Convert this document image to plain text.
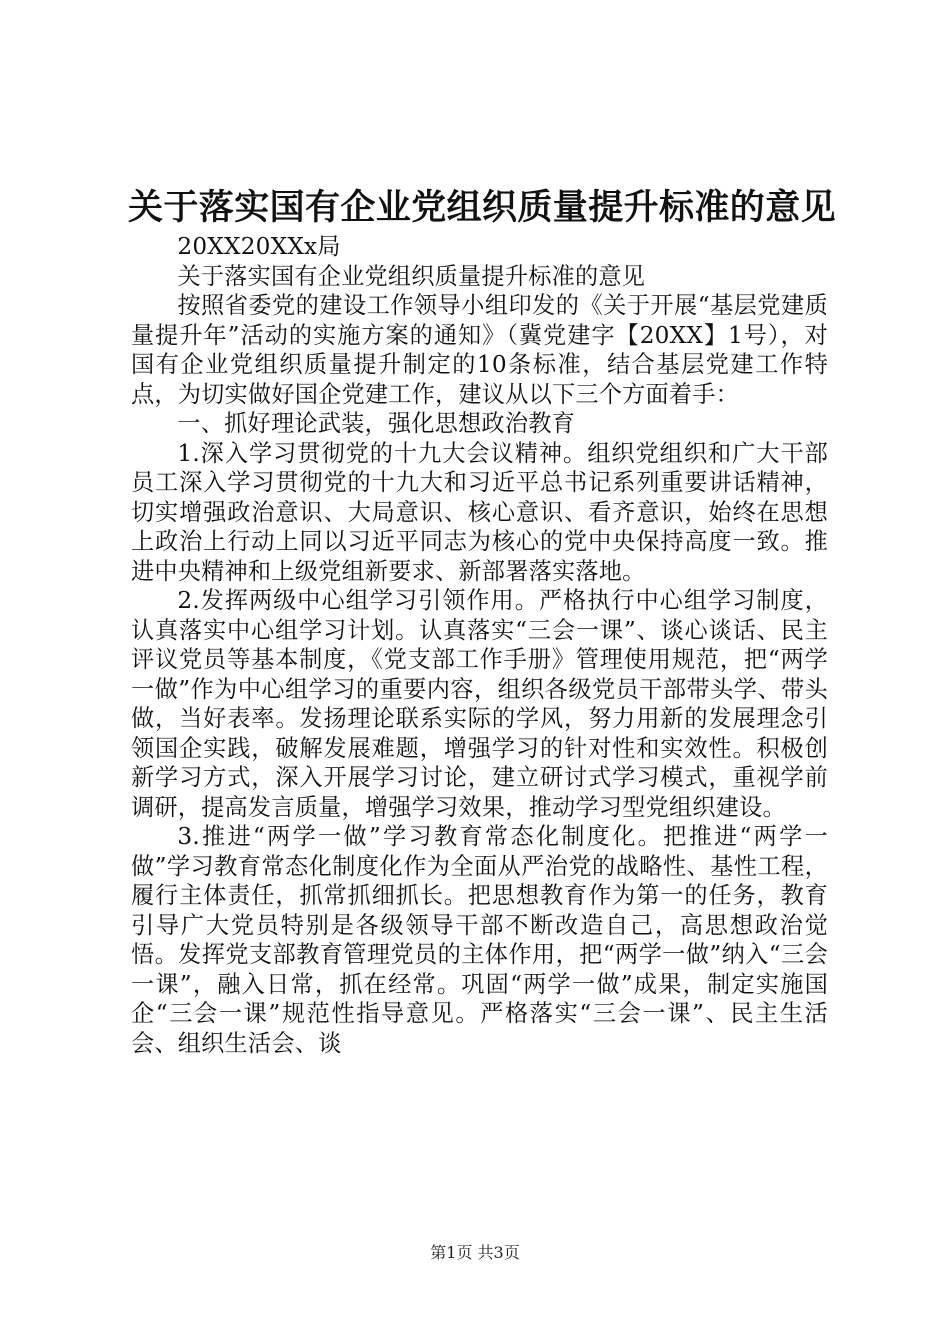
关于落实国有企业党组织质量提升标准的意见

20XX20XXx局

关于落实国有企业党组织质量提升标准的意见

按照省委党的建设工作领导小组印发的《关于开展“基层党建质量提升年”活动的实施方案的通知》（冀党建字【20XX】1号），对国有企业党组织质量提升制定的10条标准，结合基层党建工作特点，为切实做好国企党建工作，建议从以下三个方面着手：

一、抓好理论武装，强化思想政治教育

1.深入学习贯彻党的十九大会议精神。组织党组织和广大干部员工深入学习贯彻党的十九大和习近平总书记系列重要讲话精神，切实增强政治意识、大局意识、核心意识、看齐意识，始终在思想上政治上行动上同以习近平同志为核心的党中央保持高度一致。推进中央精神和上级党组新要求、新部署落实落地。

2.发挥两级中心组学习引领作用。严格执行中心组学习制度，认真落实中心组学习计划。认真落实“三会一课”、谈心谈话、民主评议党员等基本制度，《党支部工作手册》管理使用规范，把“两学一做”作为中心组学习的重要内容，组织各级党员干部带头学、带头做，当好表率。发扬理论联系实际的学风，努力用新的发展理念引领国企实践，破解发展难题，增强学习的针对性和实效性。积极创新学习方式，深入开展学习讨论，建立研讨式学习模式，重视学前调研，提高发言质量，增强学习效果，推动学习型党组织建设。

3.推进“两学一做”学习教育常态化制度化。把推进“两学一做”学习教育常态化制度化作为全面从严治党的战略性、基性工程，履行主体责任，抓常抓细抓长。把思想教育作为第一的任务，教育引导广大党员特别是各级领导干部不断改造自己，高思想政治觉悟。发挥党支部教育管理党员的主体作用，把“两学一做”纳入“三会一课”，融入日常，抓在经常。巩固“两学一做”成果，制定实施国企“三会一课”规范性指导意见。严格落实“三会一课”、民主生活会、组织生活会、谈

第1页 共3页
